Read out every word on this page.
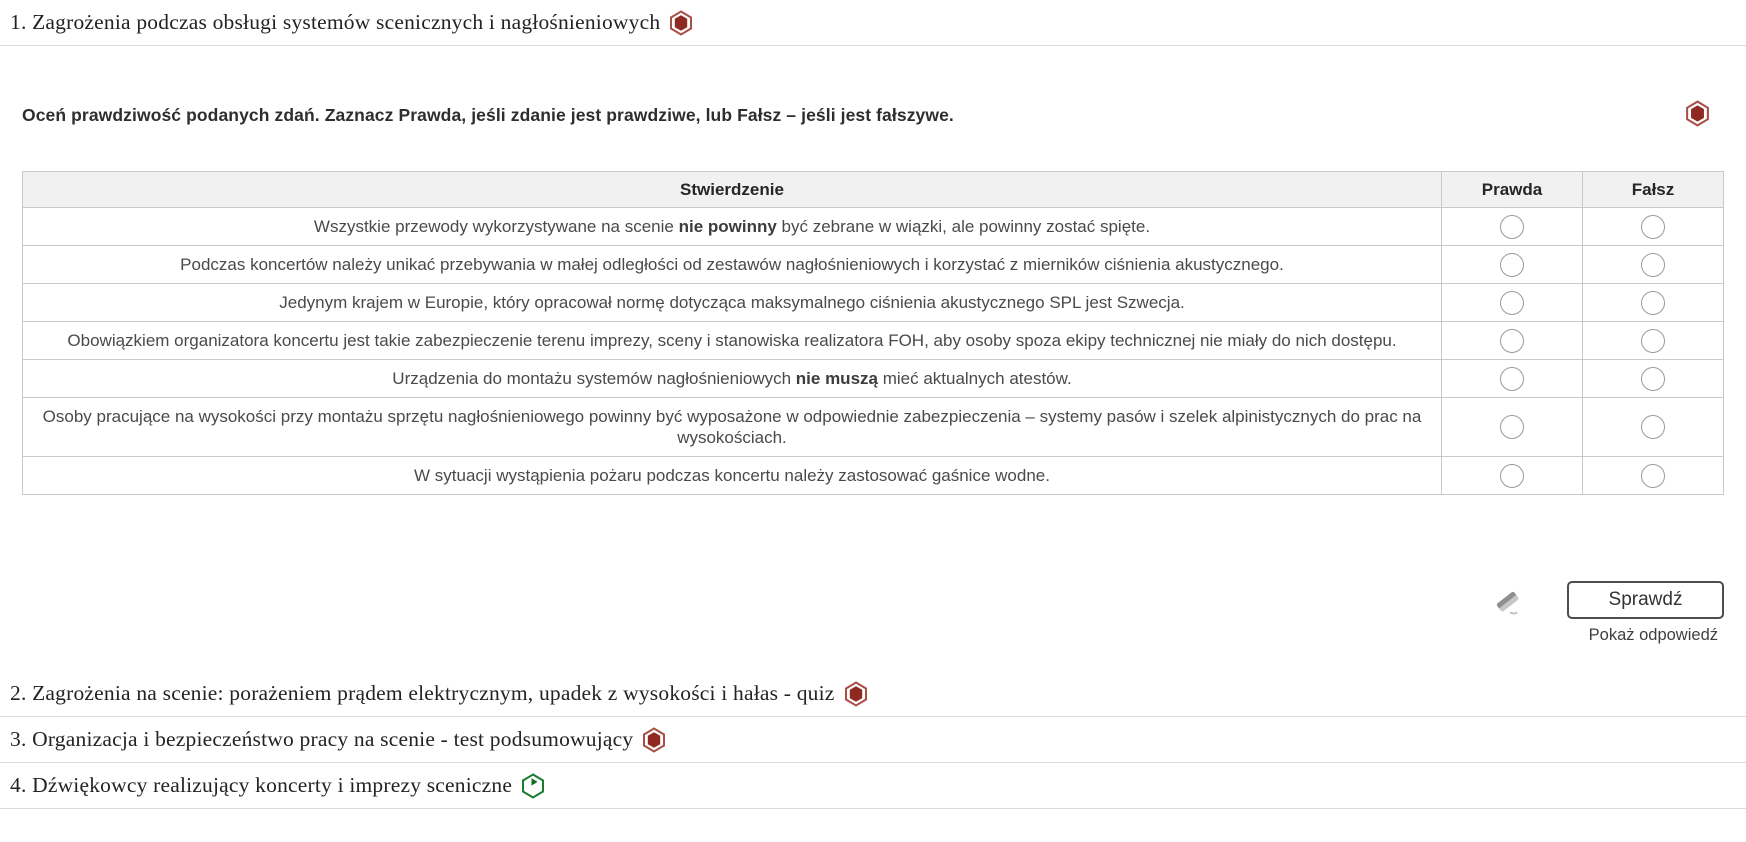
1. Zagrożenia podczas obsługi systemów scenicznych i nagłośnieniowych
Oceń prawdziwość podanych zdań. Zaznacz Prawda, jeśli zdanie jest prawdziwe, lub Fałsz – jeśli jest fałszywe.
Stwierdzenie	Prawda	Fałsz
Wszystkie przewody wykorzystywane na scenie nie powinny być zebrane w wiązki, ale powinny zostać spięte.		
Podczas koncertów należy unikać przebywania w małej odległości od zestawów nagłośnieniowych i korzystać z mierników ciśnienia akustycznego.		
Jedynym krajem w Europie, który opracował normę dotycząca maksymalnego ciśnienia akustycznego SPL jest Szwecja.		
Obowiązkiem organizatora koncertu jest takie zabezpieczenie terenu imprezy, sceny i stanowiska realizatora FOH, aby osoby spoza ekipy technicznej nie miały do nich dostępu.		
Urządzenia do montażu systemów nagłośnieniowych nie muszą mieć aktualnych atestów.		
Osoby pracujące na wysokości przy montażu sprzętu nagłośnieniowego powinny być wyposażone w odpowiednie zabezpieczenia – systemy pasów i szelek alpinistycznych do prac na wysokościach.		
W sytuacji wystąpienia pożaru podczas koncertu należy zastosować gaśnice wodne.		
Sprawdź
Pokaż odpowiedź
2. Zagrożenia na scenie: porażeniem prądem elektrycznym, upadek z wysokości i hałas - quiz
3. Organizacja i bezpieczeństwo pracy na scenie - test podsumowujący
4. Dźwiękowcy realizujący koncerty i imprezy sceniczne
